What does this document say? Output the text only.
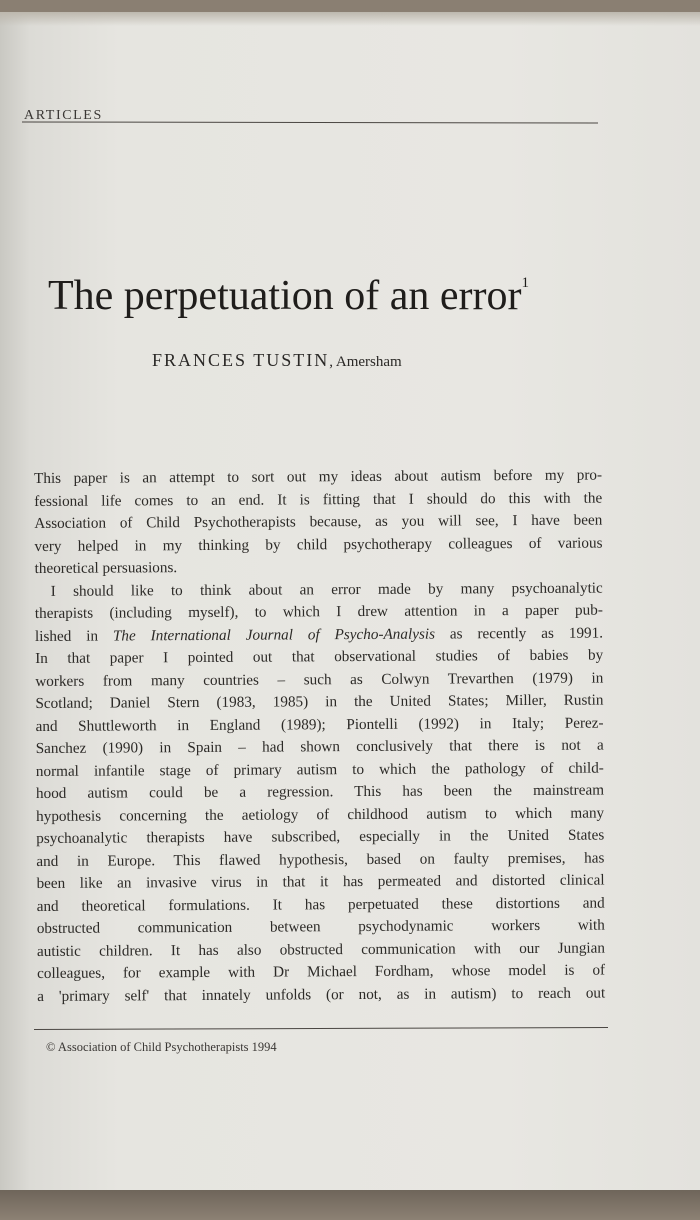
ARTICLES
The perpetuation of an error$^1$
FRANCES TUSTIN, Amersham
This paper is an attempt to sort out my ideas about autism before my pro-
fessional life comes to an end. It is fitting that I should do this with the
Association of Child Psychotherapists because, as you will see, I have been
very helped in my thinking by child psychotherapy colleagues of various
theoretical persuasions.
I should like to think about an error made by many psychoanalytic
therapists (including myself), to which I drew attention in a paper pub-
lished in The International Journal of Psycho-Analysis as recently as 1991.
In that paper I pointed out that observational studies of babies by
workers from many countries – such as Colwyn Trevarthen (1979) in
Scotland; Daniel Stern (1983, 1985) in the United States; Miller, Rustin
and Shuttleworth in England (1989); Piontelli (1992) in Italy; Perez-
Sanchez (1990) in Spain – had shown conclusively that there is not a
normal infantile stage of primary autism to which the pathology of child-
hood autism could be a regression. This has been the mainstream
hypothesis concerning the aetiology of childhood autism to which many
psychoanalytic therapists have subscribed, especially in the United States
and in Europe. This flawed hypothesis, based on faulty premises, has
been like an invasive virus in that it has permeated and distorted clinical
and theoretical formulations. It has perpetuated these distortions and
obstructed communication between psychodynamic workers with
autistic children. It has also obstructed communication with our Jungian
colleagues, for example with Dr Michael Fordham, whose model is of
a 'primary self' that innately unfolds (or not, as in autism) to reach out
© Association of Child Psychotherapists 1994
